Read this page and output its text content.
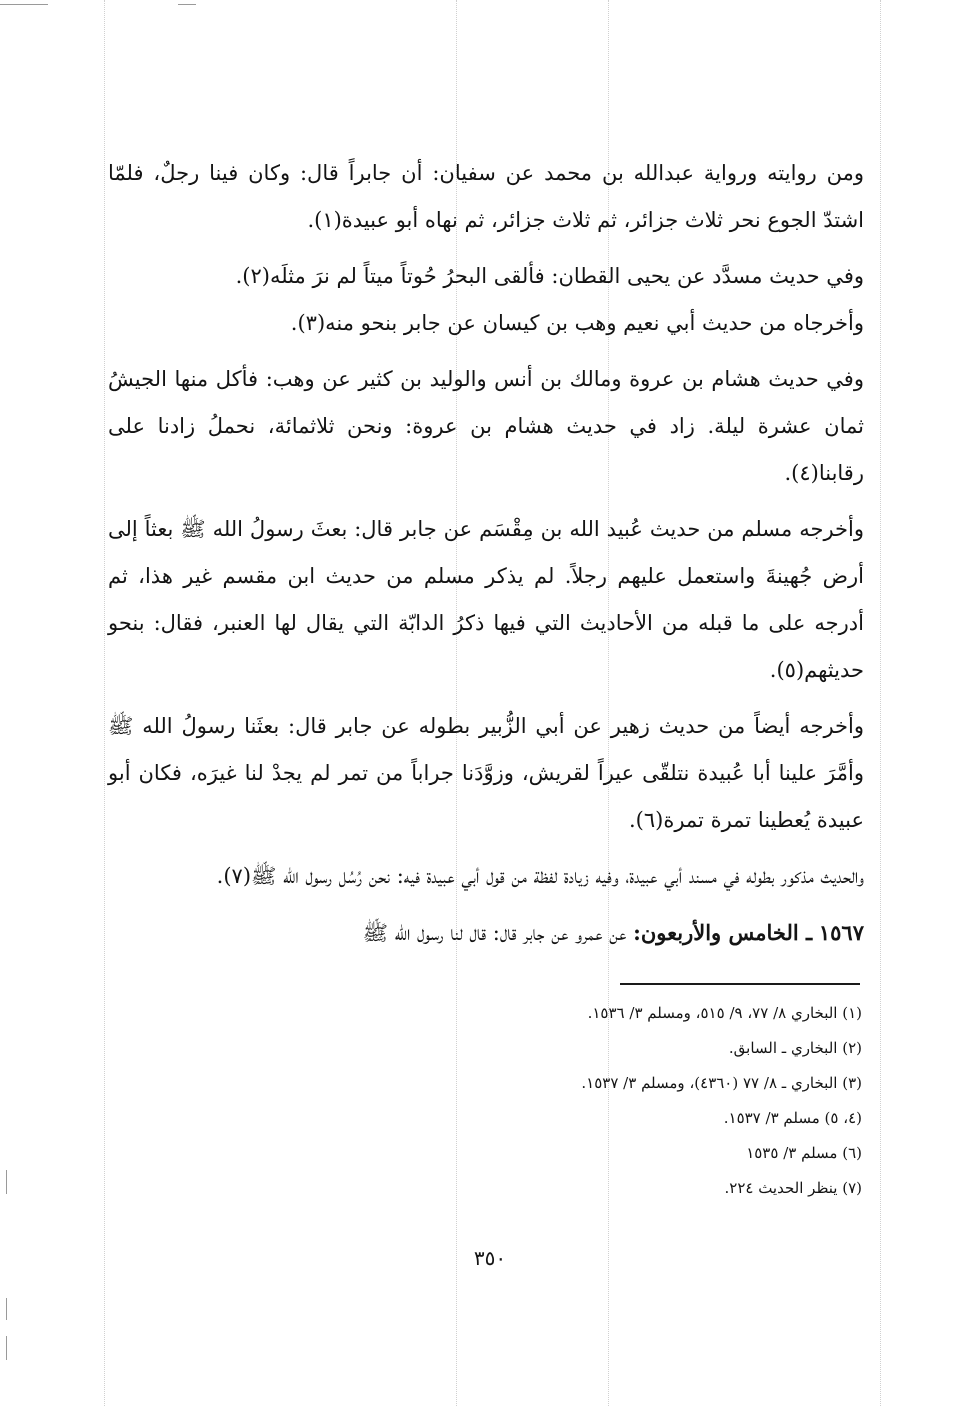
ومن روايته ورواية عبدالله بن محمد عن سفيان: أن جابراً قال: وكان فينا رجلٌ، فلمّا اشتدّ الجوع نحر ثلاث جزائر، ثم ثلاث جزائر، ثم نهاه أبو عبيدة(١).

وفي حديث مسدَّد عن يحيى القطان: فألقى البحرُ حُوتاً ميتاً لم نرَ مثلَه(٢).

وأخرجاه من حديث أبي نعيم وهب بن كيسان عن جابر بنحو منه(٣).

وفي حديث هشام بن عروة ومالك بن أنس والوليد بن كثير عن وهب: فأكل منها الجيشُ ثمان عشرة ليلة. زاد في حديث هشام بن عروة: ونحن ثلاثمائة، نحملُ زادنا على رقابنا(٤).

وأخرجه مسلم من حديث عُبيد الله بن مِقْسَم عن جابر قال: بعثَ رسولُ الله ﷺ بعثاً إلى أرض جُهينةَ واستعمل عليهم رجلاً. لم يذكر مسلم من حديث ابن مقسم غير هذا، ثم أدرجه على ما قبله من الأحاديث التي فيها ذكرُ الدابّة التي يقال لها العنبر، فقال: بنحو حديثهم(٥).

وأخرجه أيضاً من حديث زهير عن أبي الزُّبير بطوله عن جابر قال: بعثَنا رسولُ الله ﷺ وأمَّرَ علينا أبا عُبيدة نتلقّى عيراً لقريش، وزوَّدَنا جراباً من تمر لم يجدْ لنا غيرَه، فكان أبو عبيدة يُعطينا تمرة تمرة(٦).

والحديث مذكور بطوله في مسند أبي عبيدة، وفيه زيادة لفظة من قول أبي عبيدة فيه: نحن رُسُل رسول الله ﷺ(٧).

١٥٦٧ ـ الخامس والأربعون: عن عمرو عن جابر قال: قال لنا رسول الله ﷺ

(١) البخاري ٨/ ٧٧، ٩/ ٥١٥، ومسلم ٣/ ١٥٣٦.
(٢) البخاري ـ السابق.
(٣) البخاري ـ ٨/ ٧٧ (٤٣٦٠)، ومسلم ٣/ ١٥٣٧.
(٤، ٥) مسلم ٣/ ١٥٣٧.
(٦) مسلم ٣/ ١٥٣٥
(٧) ينظر الحديث ٢٢٤.
٣٥٠
